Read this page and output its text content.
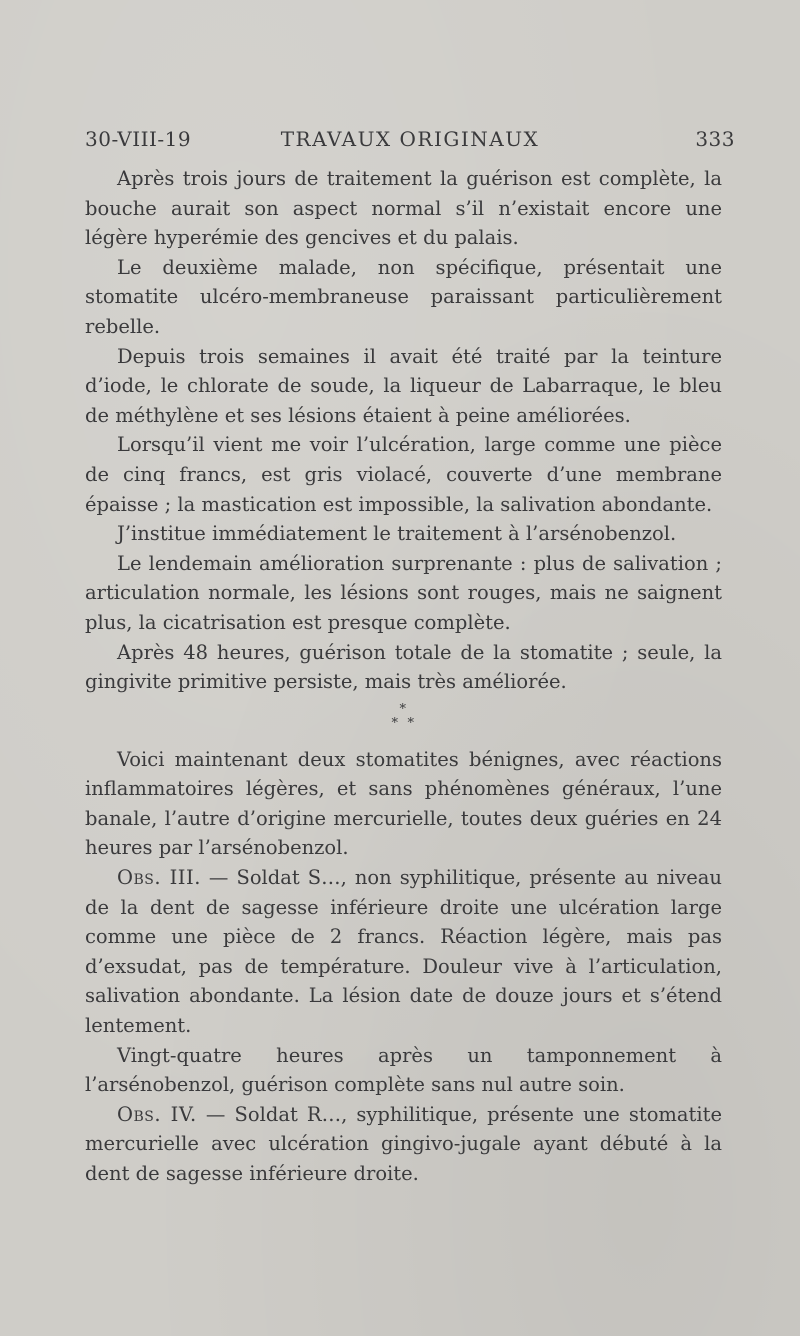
30-VIII-19	TRAVAUX ORIGINAUX	333

Après trois jours de traitement la guérison est complète, la bouche aurait son aspect normal s’il n’existait encore une légère hyperémie des gencives et du palais.

Le deuxième malade, non spécifique, présentait une stomatite ulcéro-membraneuse paraissant particulièrement rebelle.

Depuis trois semaines il avait été traité par la teinture d’iode, le chlorate de soude, la liqueur de Labarraque, le bleu de méthylène et ses lésions étaient à peine améliorées.

Lorsqu’il vient me voir l’ulcération, large comme une pièce de cinq francs, est gris violacé, couverte d’une membrane épaisse ; la mastication est impossible, la salivation abondante.

J’institue immédiatement le traitement à l’arsénobenzol.

Le lendemain amélioration surprenante : plus de salivation ; articulation normale, les lésions sont rouges, mais ne saignent plus, la cicatrisation est presque complète.

Après 48 heures, guérison totale de la stomatite ; seule, la gingivite primitive persiste, mais très améliorée.

*
* *

Voici maintenant deux stomatites bénignes, avec réactions inflammatoires légères, et sans phénomènes généraux, l’une banale, l’autre d’origine mercurielle, toutes deux guéries en 24 heures par l’arsénobenzol.

Obs. III. — Soldat S…, non syphilitique, présente au niveau de la dent de sagesse inférieure droite une ulcération large comme une pièce de 2 francs. Réaction légère, mais pas d’exsudat, pas de température. Douleur vive à l’articulation, salivation abondante. La lésion date de douze jours et s’étend lentement.

Vingt-quatre heures après un tamponnement à l’arsénobenzol, guérison complète sans nul autre soin.

Obs. IV. — Soldat R…, syphilitique, présente une stomatite mercurielle avec ulcération gingivo-jugale ayant débuté à la dent de sagesse inférieure droite.
